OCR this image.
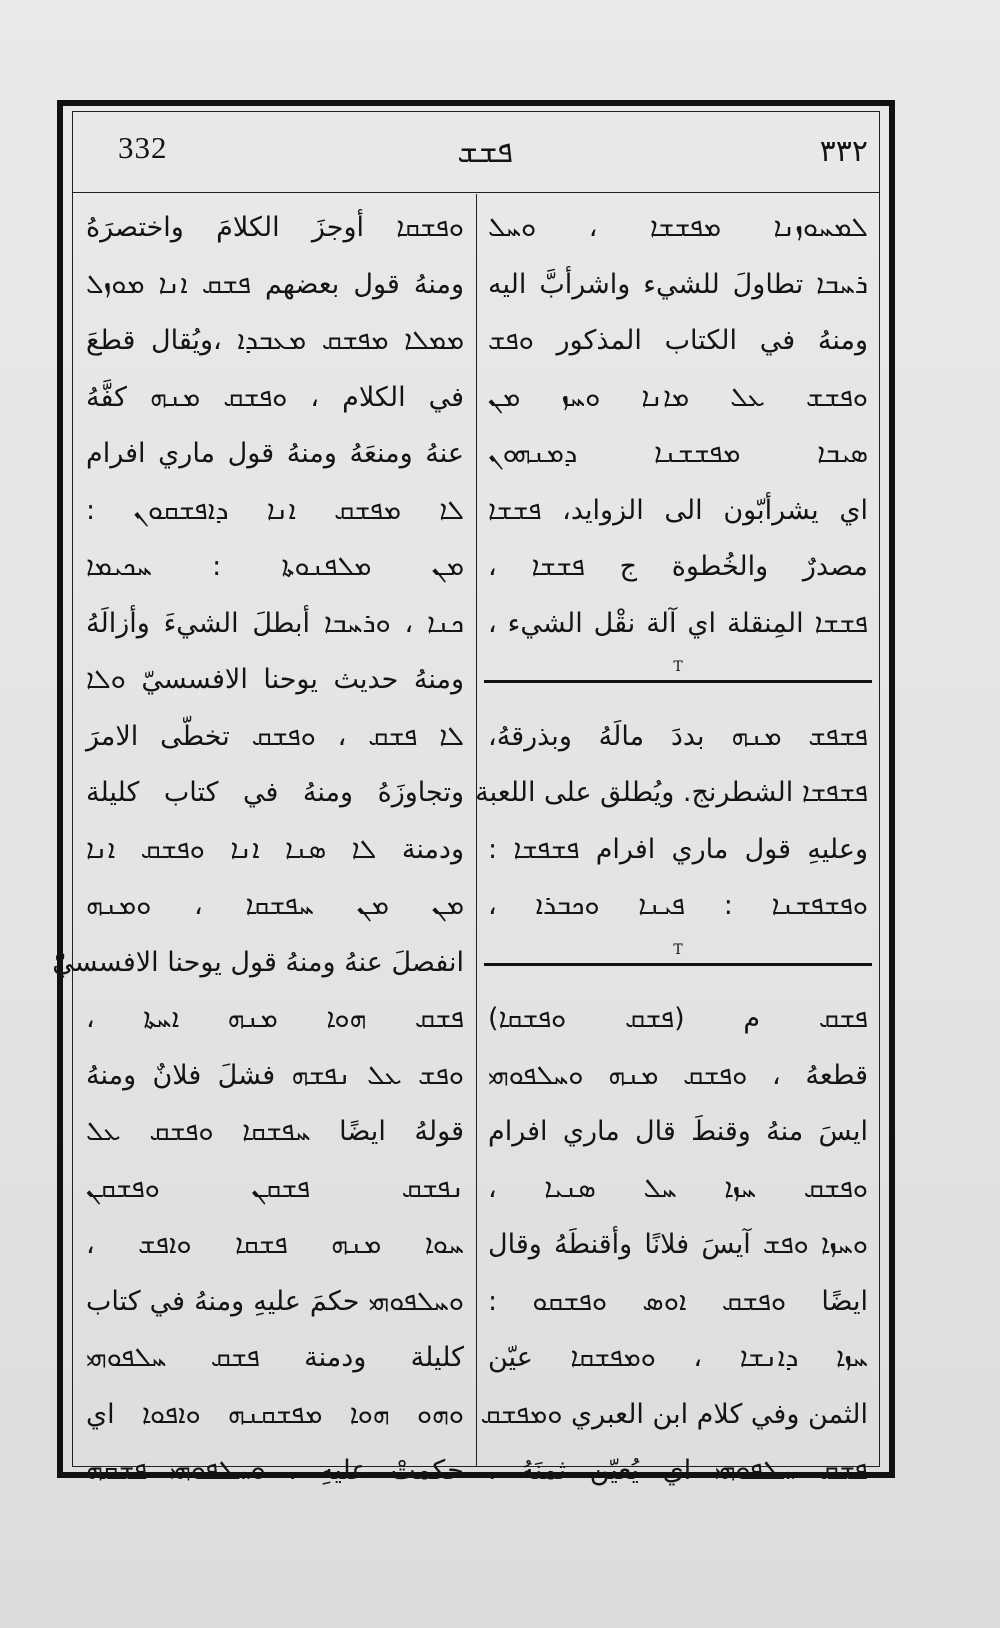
332	ܦܫܫ	٣٣٢
ܠܡܚܘܙܢܐ ܡܦܫܫܐ ، ܘܚܠ
ܪܚܒܐ تطاولَ للشيء واشرأبَّ اليه
ومنهُ في الكتاب المذكور ܘܦܫ
ܘܦܫܫ ܥܠ ܡܐܢܐ ܘܚܙ ܡܢ
ܣܝܒܐ ܡܦܫܫܢܐ ܕܡܢܗܘܢ
اي يشرأبّون الى الزوايد، ܦܫܫܐ
مصدرٌ والخُطوة ج ܦܫܫܐ ،
ܦܫܫܐ المِنقلة اي آلة نقْل الشيء ،
T
ܦܫܦܫ ܡܢܗ بددَ مالَهُ وبذرقهُ،
ܦܫܦܫܐ الشطرنج. ويُطلق على اللعبة
وعليهِ قول ماري افرام ܦܫܦܫܐ :
ܘܦܫܦܫܢܐ : ܦܝܢܐ ܘܟܒܪܐ ،
T
ܦܫܩ م (ܦܫܩ ܘܦܫܩܐ)
قطعهُ ، ܘܦܫܩ ܡܢܗ ܘܚܠܦܘܗܝ
ايسَ منهُ وقنطَ قال ماري افرام
ܘܦܫܩ ܚܙܐ ܚܠ ܣܢܝܐ ،
ܘܚܙܐ ܘܦܫ آيسَ فلانًا وأقنطَهُ وقال
ايضًا ܘܦܫܩ ܐܘܣ ܘܦܫܩܘ :
ܚܙܐ ܕܐܢܫܐ ، ܘܡܦܫܩܐ عيّن
الثمن وفي كلام ابن العبري ܘܡܦܫܩ
ܦܫܩ ܚܠܦܘܗܝ اي يُعيّن ثمنَهُ ،
ܘܦܫܩܐ أوجزَ الكلامَ واختصرَهُ
ومنهُ قول بعضهم ܦܫܩ ܐܢܐ ܡܘܙܠ
ܡܡܠܐ ܡܦܫܩ ܡܥܒܕܐ ،ويُقال قطعَ
في الكلام ، ܘܦܫܩ ܡܢܗ كفَّهُ
عنهُ ومنعَهُ ومنهُ قول ماري افرام
ܠܐ ܡܦܫܩ ܐܢܐ ܕܐܦܫܩܘܢ :
ܡܢ ܡܠܦܢܘܬܐ : ܚܟܝܡܐ
ܟܢܐ ، ܘܪܚܒܐ أبطلَ الشيءَ وأزالَهُ
ومنهُ حديث يوحنا الافسسيّ ܘܠܐ
ܠܐ ܦܫܩ ، ܘܦܫܩ تخطّى الامرَ
وتجاوزَهُ ومنهُ في كتاب كليلة
ودمنة ܠܐ ܣܢܐ ܐܢܐ ܘܦܫܩ ܐܢܐ
ܡܢ ܡܢ ܚܦܫܩܐ ، ܘܡܢܗ
انفصلَ عنهُ ومنهُ قول يوحنا الافسسيّ
ܦܫܩ ܗܘܐ ܡܢܗ ܐܚܬܐ ،
ܘܦܫ ܥܠ ܢܦܫܗ فشلَ فلانٌ ومنهُ
قولهُ ايضًا ܚܦܫܩܐ ܘܦܫܩ ܥܠ
ܢܦܫܩ ܦܫܩܢ ܘܦܫܩܢ
ܚܘܐ ܡܢܗ ܦܫܩܐ ܘܐܦܫ ،
ܘܚܠܦܘܗܝ حكمَ عليهِ ومنهُ في كتاب
كليلة ودمنة ܦܫܩ ܚܠܦܘܗܝ
ܘܗܘ ܗܘܐ ܡܦܫܩܢܗ ܘܐܦܘܐ اي
حكمتْ عليهِ ، ܘܚܠܦܘܗܝ ܦܫܩܗ
